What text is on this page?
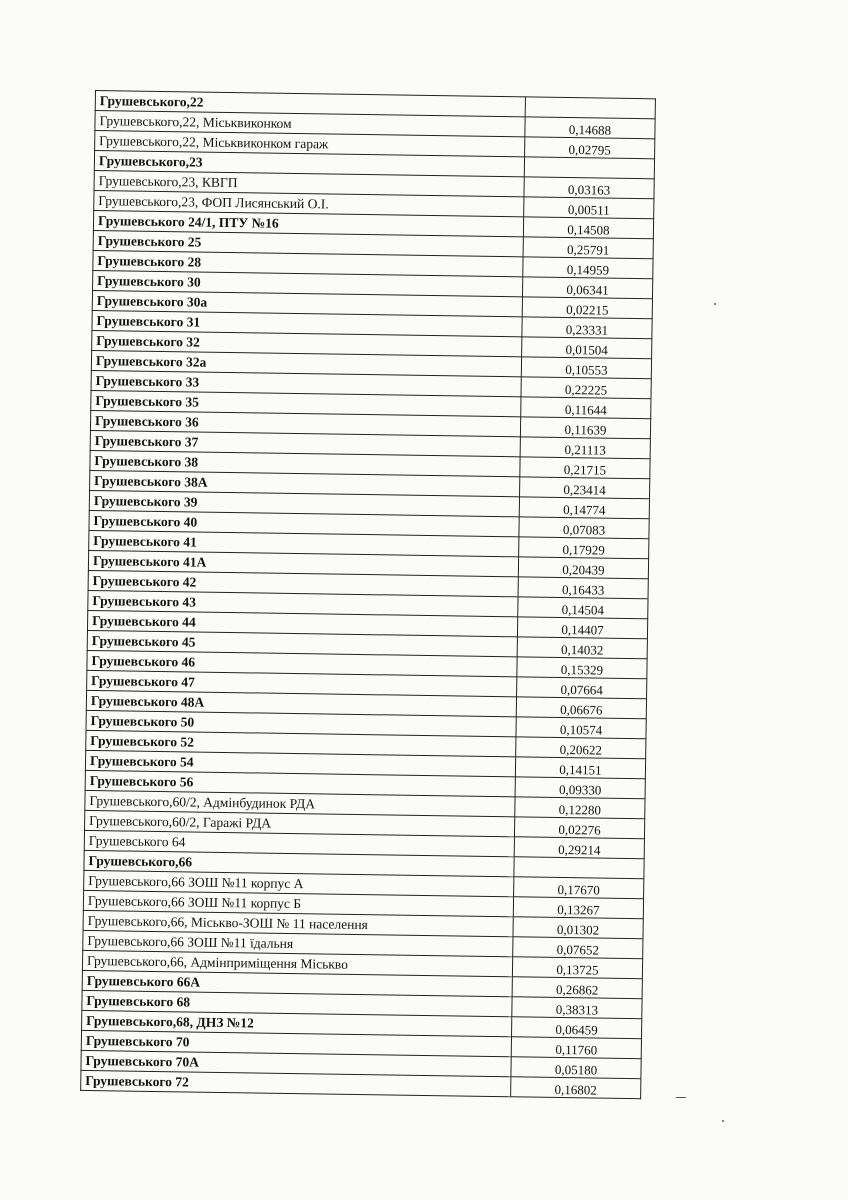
Грушевського,22	
Грушевського,22, Міськвиконком	0,14688
Грушевського,22, Міськвиконком гараж	0,02795
Грушевського,23	
Грушевського,23, КВГП	0,03163
Грушевського,23, ФОП Лисянський О.І.	0,00511
Грушевського 24/1, ПТУ №16	0,14508
Грушевського 25	0,25791
Грушевського 28	0,14959
Грушевського 30	0,06341
Грушевського 30а	0,02215
Грушевського 31	0,23331
Грушевського 32	0,01504
Грушевського 32а	0,10553
Грушевського 33	0,22225
Грушевського 35	0,11644
Грушевського 36	0,11639
Грушевського 37	0,21113
Грушевського 38	0,21715
Грушевського 38А	0,23414
Грушевського 39	0,14774
Грушевського 40	0,07083
Грушевського 41	0,17929
Грушевського 41А	0,20439
Грушевського 42	0,16433
Грушевського 43	0,14504
Грушевського 44	0,14407
Грушевського 45	0,14032
Грушевського 46	0,15329
Грушевського 47	0,07664
Грушевського 48А	0,06676
Грушевського 50	0,10574
Грушевського 52	0,20622
Грушевського 54	0,14151
Грушевського 56	0,09330
Грушевського,60/2, Адмінбудинок РДА	0,12280
Грушевського,60/2, Гаражі РДА	0,02276
Грушевського 64	0,29214
Грушевського,66	
Грушевського,66 ЗОШ №11 корпус А	0,17670
Грушевського,66 ЗОШ №11 корпус Б	0,13267
Грушевського,66, Міськво-ЗОШ № 11 населення	0,01302
Грушевського,66 ЗОШ №11 їдальня	0,07652
Грушевського,66, Адмінприміщення Міськво	0,13725
Грушевського 66А	0,26862
Грушевського 68	0,38313
Грушевського,68, ДНЗ №12	0,06459
Грушевського 70	0,11760
Грушевського 70А	0,05180
Грушевського 72	0,16802
